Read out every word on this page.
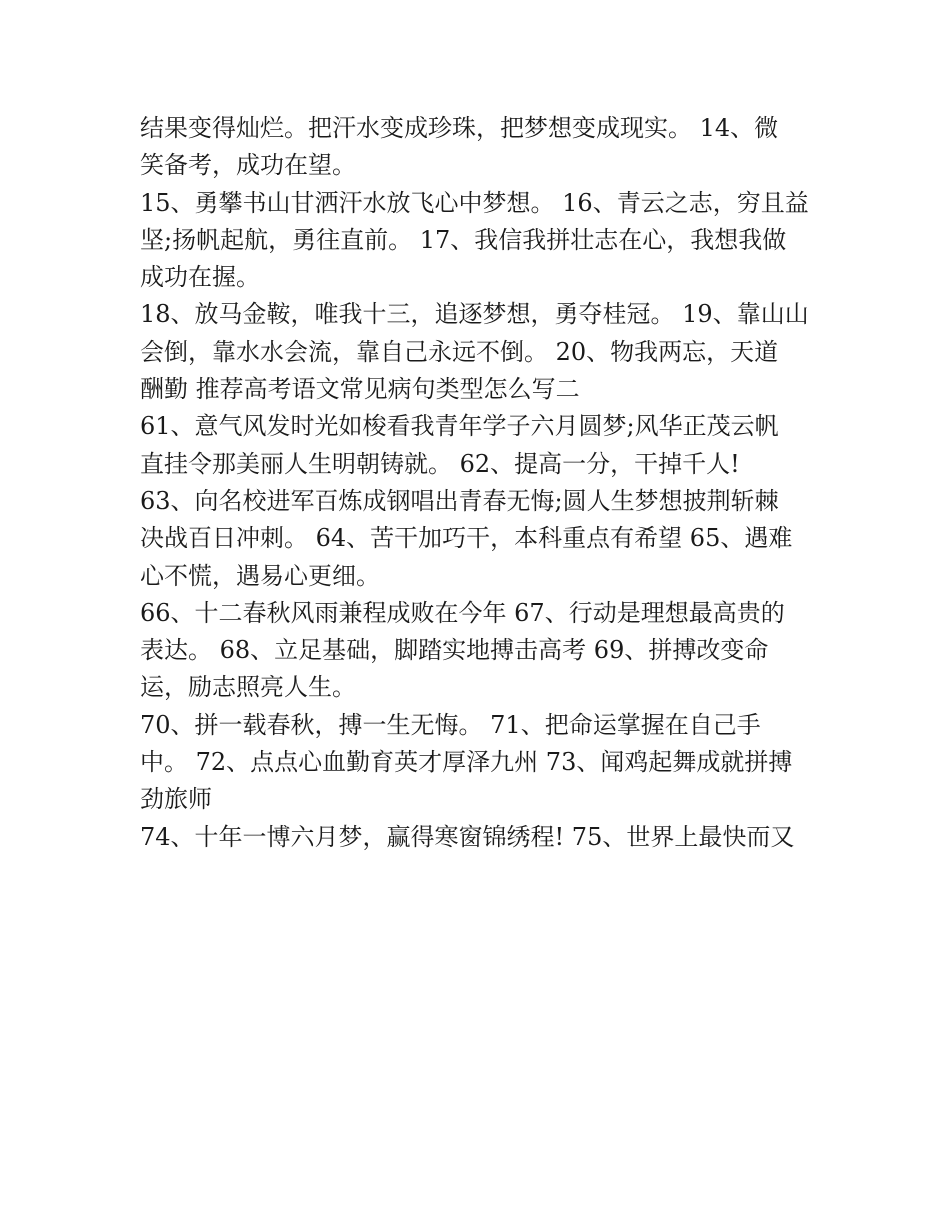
结果变得灿烂。把汗水变成珍珠，把梦想变成现实。 14、微
笑备考，成功在望。
15、勇攀书山甘洒汗水放飞心中梦想。 16、青云之志，穷且益
坚;扬帆起航，勇往直前。 17、我信我拼壮志在心，我想我做
成功在握。
18、放马金鞍，唯我十三，追逐梦想，勇夺桂冠。 19、靠山山
会倒，靠水水会流，靠自己永远不倒。 20、物我两忘，天道
酬勤 推荐高考语文常见病句类型怎么写二
61、意气风发时光如梭看我青年学子六月圆梦;风华正茂云帆
直挂令那美丽人生明朝铸就。 62、提高一分，干掉千人!
63、向名校进军百炼成钢唱出青春无悔;圆人生梦想披荆斩棘
决战百日冲刺。 64、苦干加巧干，本科重点有希望 65、遇难
心不慌，遇易心更细。
66、十二春秋风雨兼程成败在今年 67、行动是理想最高贵的
表达。 68、立足基础，脚踏实地搏击高考 69、拼搏改变命
运，励志照亮人生。
70、拼一载春秋，搏一生无悔。 71、把命运掌握在自己手
中。 72、点点心血勤育英才厚泽九州 73、闻鸡起舞成就拼搏
劲旅师
74、十年一博六月梦，赢得寒窗锦绣程! 75、世界上最快而又
